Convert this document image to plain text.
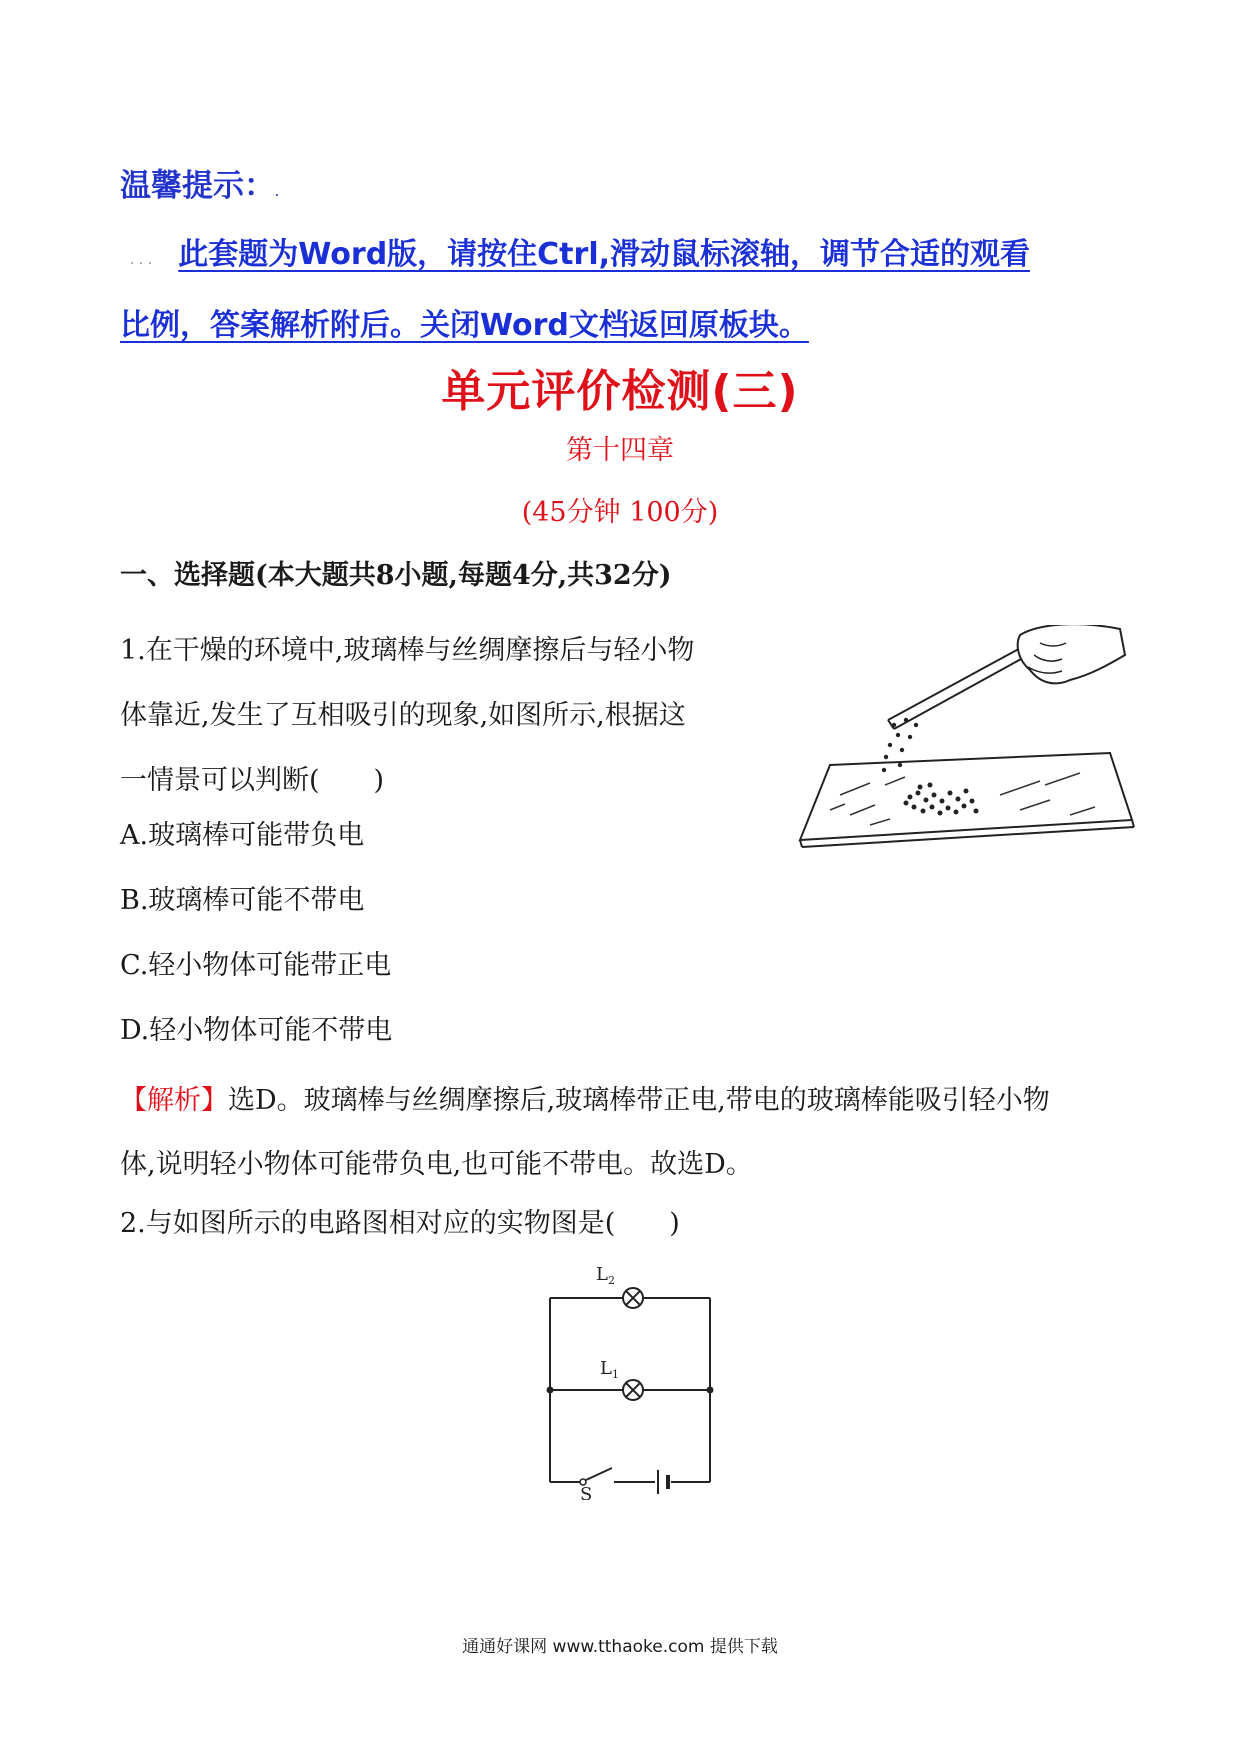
温馨提示：.
. . . 此套题为Word版，请按住Ctrl,滑动鼠标滚轴，调节合适的观看
比例，答案解析附后。关闭Word文档返回原板块。
单元评价检测(三)
第十四章
(45分钟 100分)
一、选择题(本大题共8小题,每题4分,共32分)
1.在干燥的环境中,玻璃棒与丝绸摩擦后与轻小物
体靠近,发生了互相吸引的现象,如图所示,根据这
一情景可以判断(　　)
A.玻璃棒可能带负电
B.玻璃棒可能不带电
C.轻小物体可能带正电
D.轻小物体可能不带电
【解析】选D。玻璃棒与丝绸摩擦后,玻璃棒带正电,带电的玻璃棒能吸引轻小物
体,说明轻小物体可能带负电,也可能不带电。故选D。
2.与如图所示的电路图相对应的实物图是(　　)
$L_2$
$L_1$
S
通通好课网 www.tthaoke.com 提供下载
